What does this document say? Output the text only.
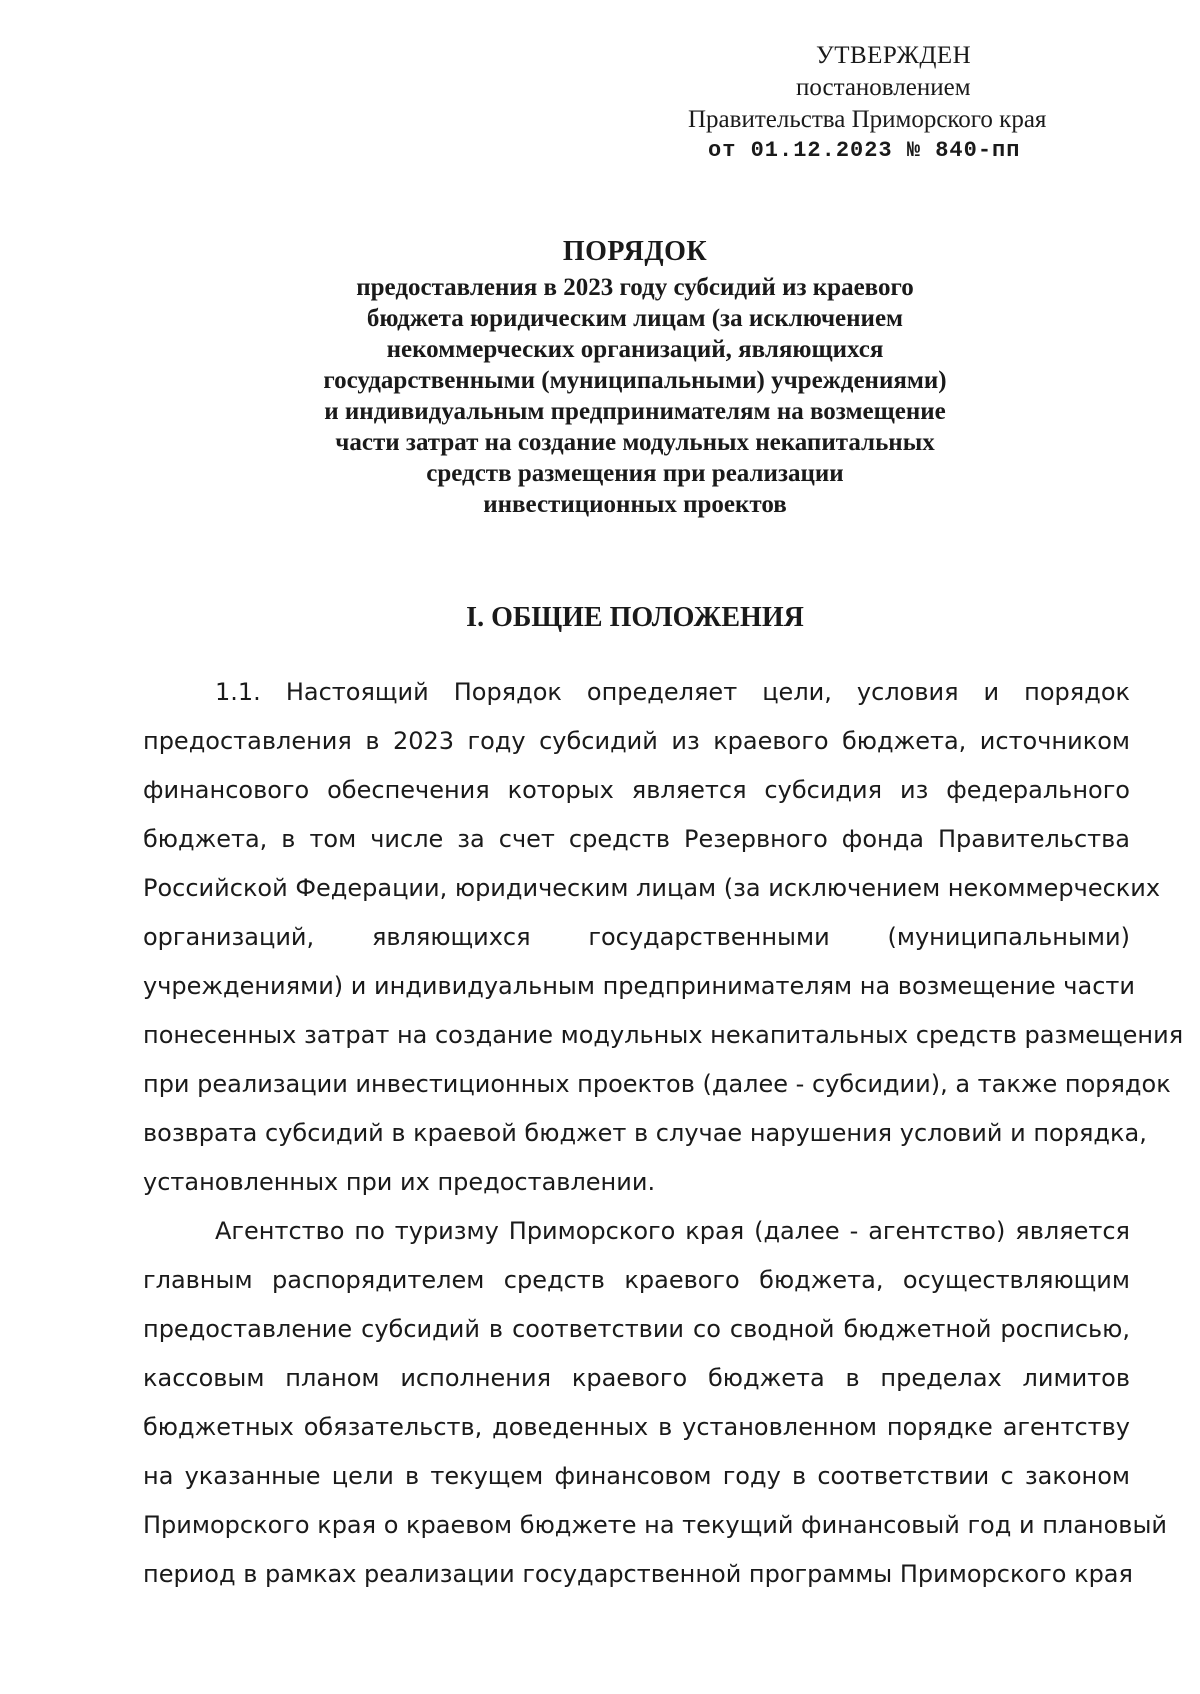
УТВЕРЖДЕН
постановлением
Правительства Приморского края
от 01.12.2023 № 840-пп
ПОРЯДОК
предоставления в 2023 году субсидий из краевого
бюджета юридическим лицам (за исключением
некоммерческих организаций, являющихся
государственными (муниципальными) учреждениями)
и индивидуальным предпринимателям на возмещение
части затрат на создание модульных некапитальных
средств размещения при реализации
инвестиционных проектов
I. ОБЩИЕ ПОЛОЖЕНИЯ
1.1. Настоящий Порядок определяет цели, условия и порядок
предоставления в 2023 году субсидий из краевого бюджета, источником
финансового обеспечения которых является субсидия из федерального
бюджета, в том числе за счет средств Резервного фонда Правительства
Российской Федерации, юридическим лицам (за исключением некоммерческих
организаций, являющихся государственными (муниципальными)
учреждениями) и индивидуальным предпринимателям на возмещение части
понесенных затрат на создание модульных некапитальных средств размещения
при реализации инвестиционных проектов (далее - субсидии), а также порядок
возврата субсидий в краевой бюджет в случае нарушения условий и порядка,
установленных при их предоставлении.
Агентство по туризму Приморского края (далее - агентство) является
главным распорядителем средств краевого бюджета, осуществляющим
предоставление субсидий в соответствии со сводной бюджетной росписью,
кассовым планом исполнения краевого бюджета в пределах лимитов
бюджетных обязательств, доведенных в установленном порядке агентству
на указанные цели в текущем финансовом году в соответствии с законом
Приморского края о краевом бюджете на текущий финансовый год и плановый
период в рамках реализации государственной программы Приморского края
